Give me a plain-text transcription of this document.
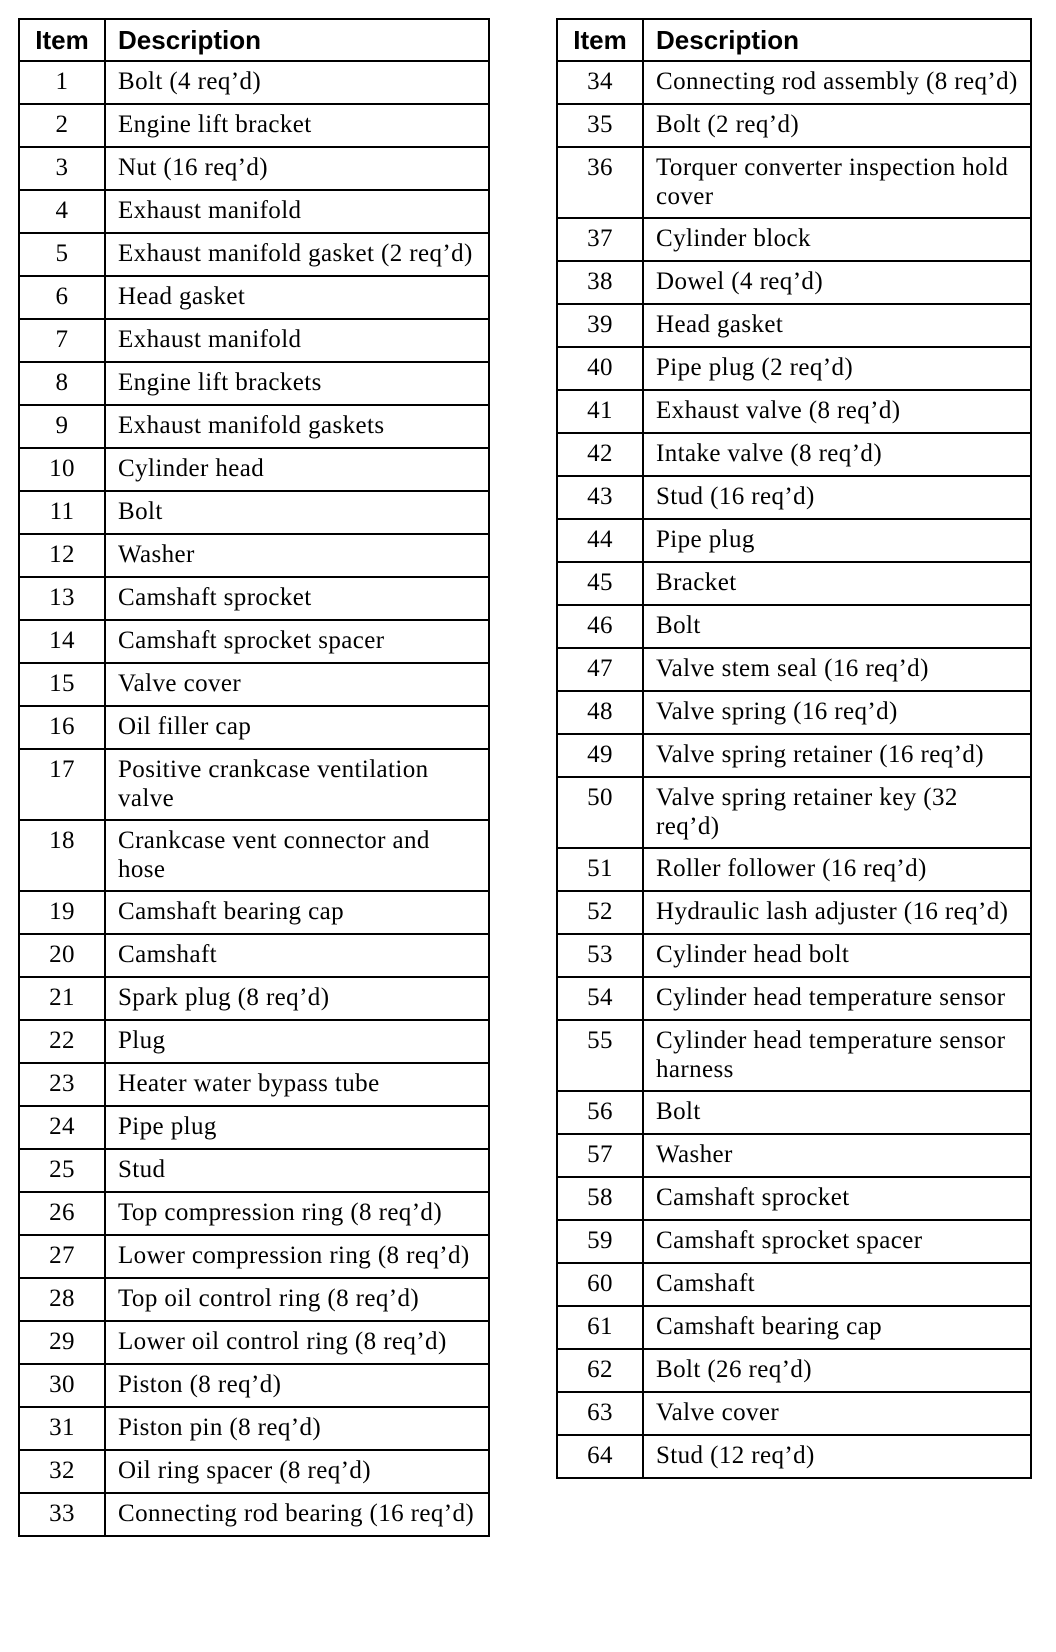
Item	Description
1	Bolt (4 req’d)
2	Engine lift bracket
3	Nut (16 req’d)
4	Exhaust manifold
5	Exhaust manifold gasket (2 req’d)
6	Head gasket
7	Exhaust manifold
8	Engine lift brackets
9	Exhaust manifold gaskets
10	Cylinder head
11	Bolt
12	Washer
13	Camshaft sprocket
14	Camshaft sprocket spacer
15	Valve cover
16	Oil filler cap
17	Positive crankcase ventilation valve
18	Crankcase vent connector and hose
19	Camshaft bearing cap
20	Camshaft
21	Spark plug (8 req’d)
22	Plug
23	Heater water bypass tube
24	Pipe plug
25	Stud
26	Top compression ring (8 req’d)
27	Lower compression ring (8 req’d)
28	Top oil control ring (8 req’d)
29	Lower oil control ring (8 req’d)
30	Piston (8 req’d)
31	Piston pin (8 req’d)
32	Oil ring spacer (8 req’d)
33	Connecting rod bearing (16 req’d)
Item	Description
34	Connecting rod assembly (8 req’d)
35	Bolt (2 req’d)
36	Torquer converter inspection hold cover
37	Cylinder block
38	Dowel (4 req’d)
39	Head gasket
40	Pipe plug (2 req’d)
41	Exhaust valve (8 req’d)
42	Intake valve (8 req’d)
43	Stud (16 req’d)
44	Pipe plug
45	Bracket
46	Bolt
47	Valve stem seal (16 req’d)
48	Valve spring (16 req’d)
49	Valve spring retainer (16 req’d)
50	Valve spring retainer key (32 req’d)
51	Roller follower (16 req’d)
52	Hydraulic lash adjuster (16 req’d)
53	Cylinder head bolt
54	Cylinder head temperature sensor
55	Cylinder head temperature sensor harness
56	Bolt
57	Washer
58	Camshaft sprocket
59	Camshaft sprocket spacer
60	Camshaft
61	Camshaft bearing cap
62	Bolt (26 req’d)
63	Valve cover
64	Stud (12 req’d)
